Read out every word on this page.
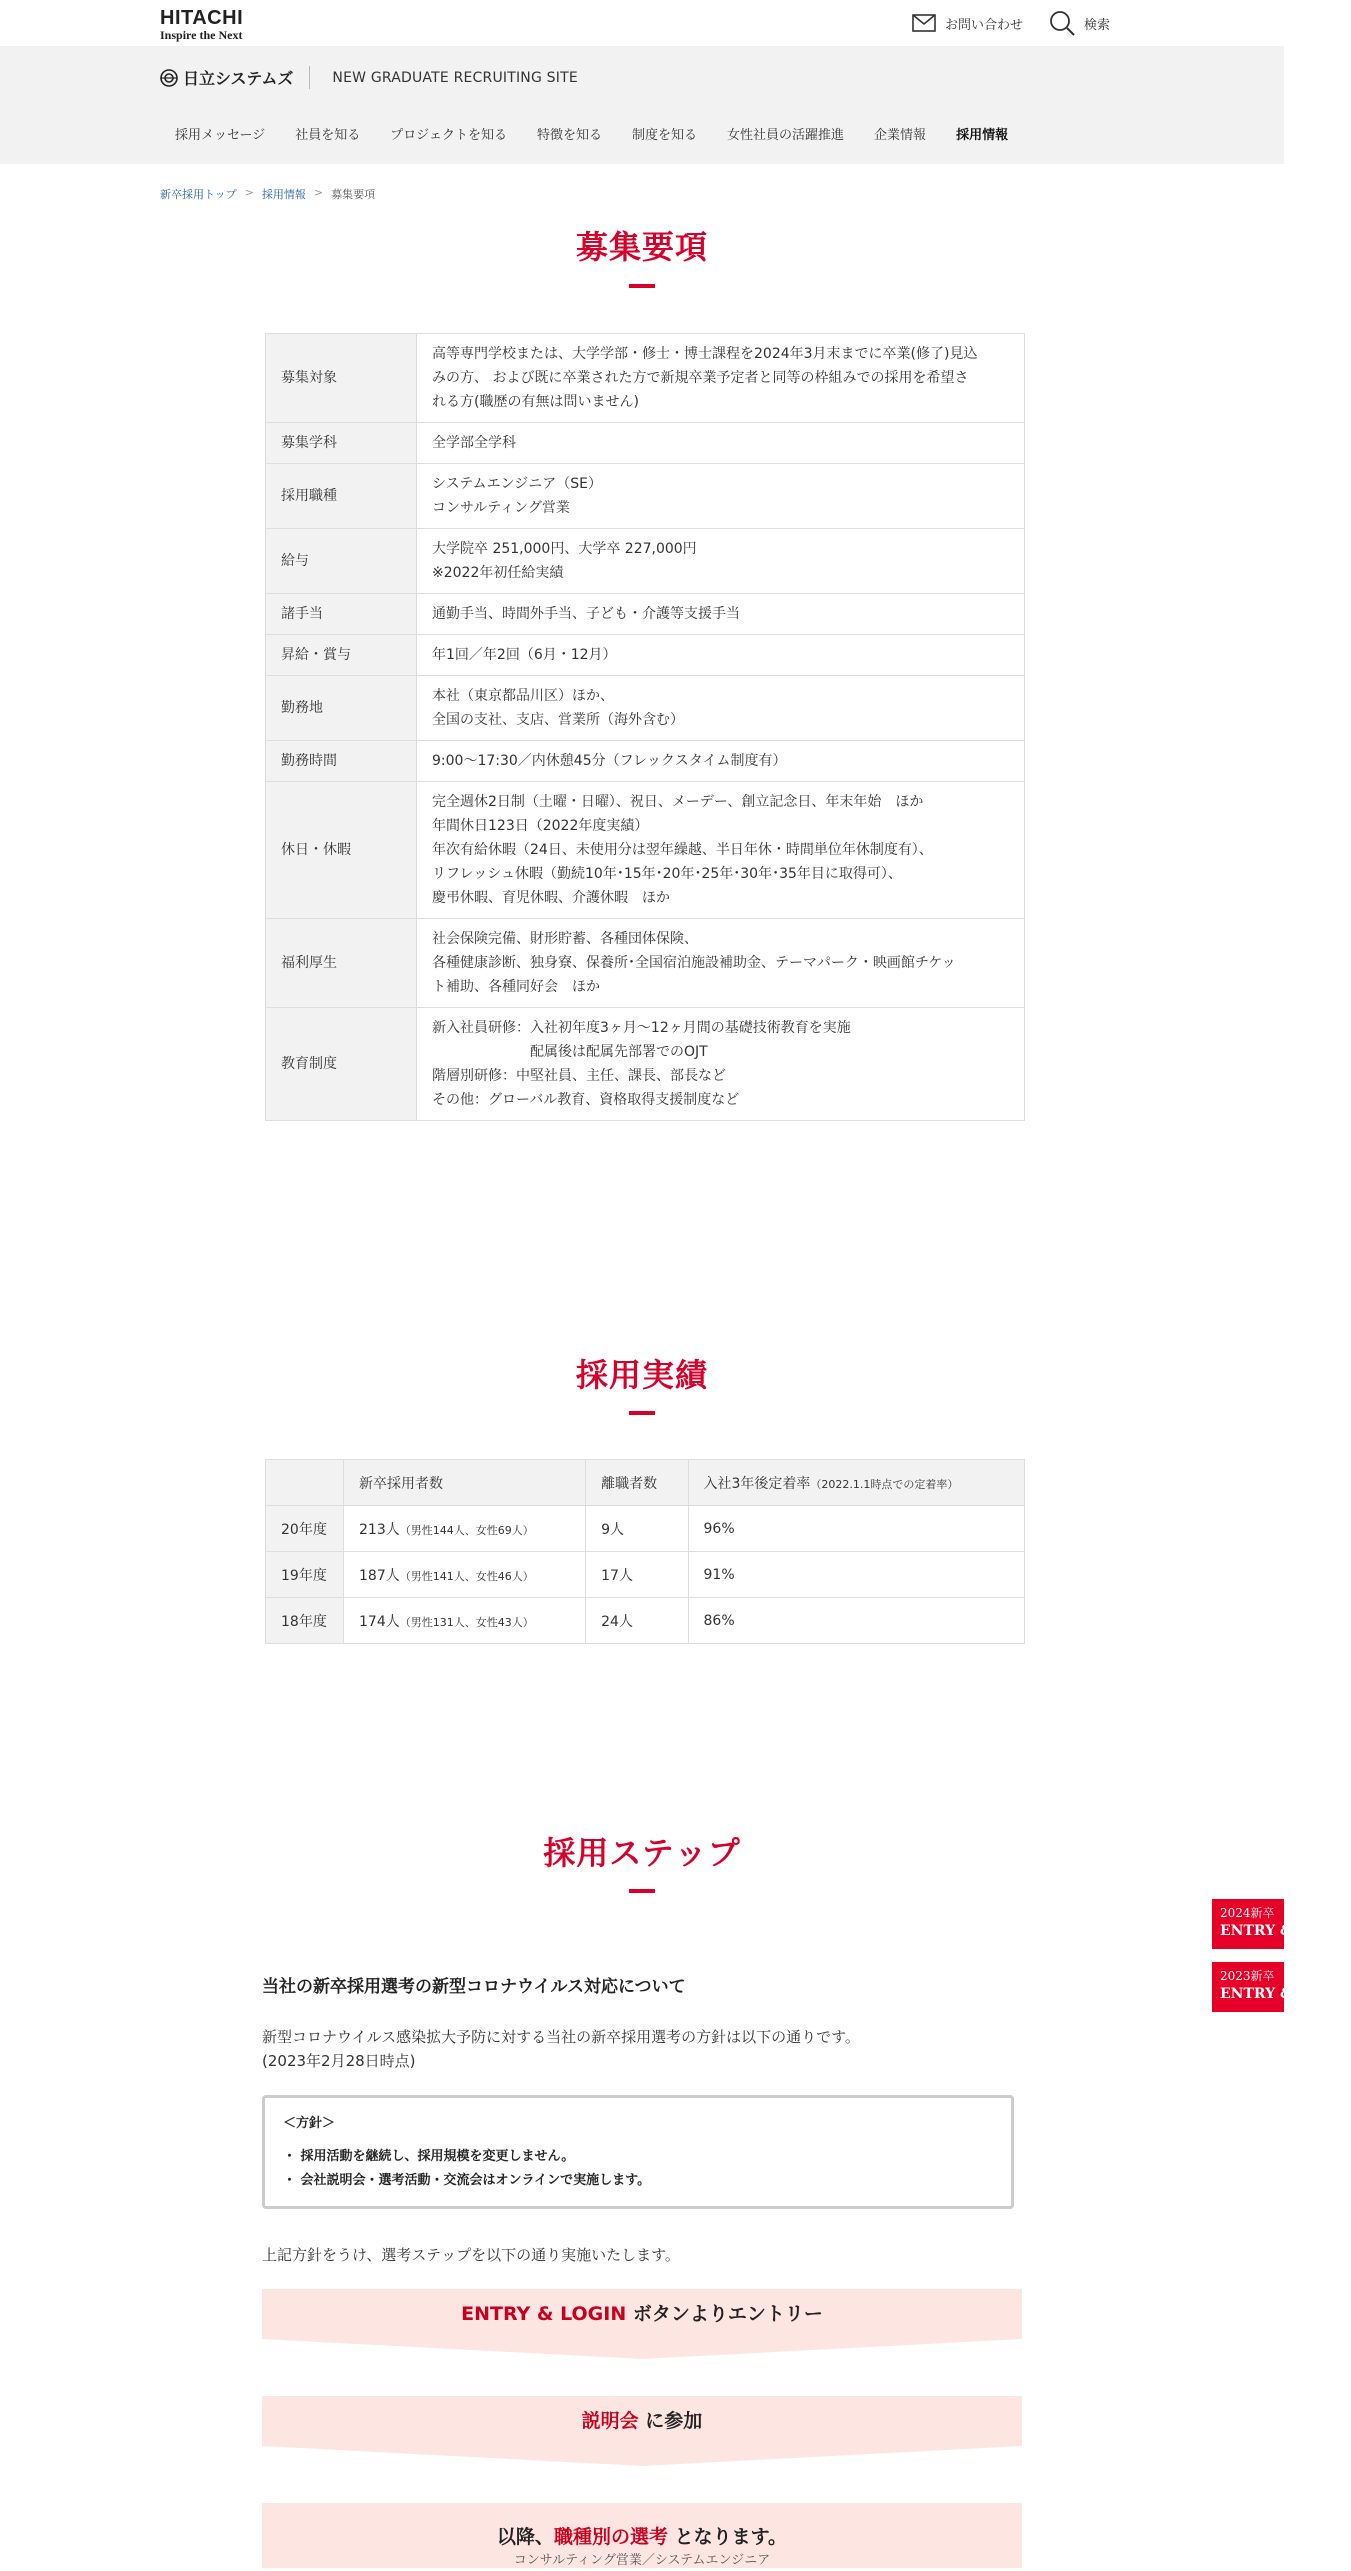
HITACHI
Inspire the Next
お問い合わせ	検索
日立システムズ	NEW GRADUATE RECRUITING SITE
採用メッセージ	社員を知る	プロジェクトを知る	特徴を知る	制度を知る	女性社員の活躍推進	企業情報	採用情報
新卒採用トップ > 採用情報 > 募集要項
募集要項
募集対象	高等専門学校または、大学学部・修士・博士課程を2024年3月末までに卒業(修了)見込
みの方、 および既に卒業された方で新規卒業予定者と同等の枠組みでの採用を希望さ
れる方(職歴の有無は問いません)

募集学科	全学部全学科

採用職種	システムエンジニア（SE）
コンサルティング営業

給与	大学院卒 251,000円、大学卒 227,000円
※2022年初任給実績

諸手当	通勤手当、時間外手当、子ども・介護等支援手当

昇給・賞与	年1回／年2回（6月・12月）

勤務地	本社（東京都品川区）ほか、
全国の支社、支店、営業所（海外含む）

勤務時間	9:00～17:30／内休憩45分（フレックスタイム制度有）

休日・休暇	完全週休2日制（土曜・日曜）、祝日、メーデー、創立記念日、年末年始　ほか
年間休日123日（2022年度実績）
年次有給休暇（24日、未使用分は翌年繰越、半日年休・時間単位年休制度有）、
リフレッシュ休暇（勤続10年･15年･20年･25年･30年･35年目に取得可）、
慶弔休暇、育児休暇、介護休暇　ほか

福利厚生	社会保険完備、財形貯蓄、各種団体保険、
各種健康診断、独身寮、保養所･全国宿泊施設補助金、テーマパーク・映画館チケッ
ト補助、各種同好会　ほか

教育制度	新入社員研修：入社初年度3ヶ月～12ヶ月間の基礎技術教育を実施
　　　　　　　配属後は配属先部署でのOJT
階層別研修：中堅社員、主任、課長、部長など
その他：グローバル教育、資格取得支援制度など
採用実績
	新卒採用者数	離職者数	入社3年後定着率（2022.1.1時点での定着率）
20年度	213人（男性144人、女性69人）	9人	96%
19年度	187人（男性141人、女性46人）	17人	91%
18年度	174人（男性131人、女性43人）	24人	86%
採用ステップ
当社の新卒採用選考の新型コロナウイルス対応について
新型コロナウイルス感染拡大予防に対する当社の新卒採用選考の方針は以下の通りです。
(2023年2月28日時点)
＜方針＞
・ 採用活動を継続し、採用規模を変更しません。
・ 会社説明会・選考活動・交流会はオンラインで実施します。
上記方針をうけ、選考ステップを以下の通り実施いたします。
ENTRY & LOGIN ボタンよりエントリー
説明会 に参加
以降、職種別の選考 となります。
コンサルティング営業／システムエンジニア
2024新卒
ENTRY & LOGIN
2023新卒
ENTRY & LOGIN
